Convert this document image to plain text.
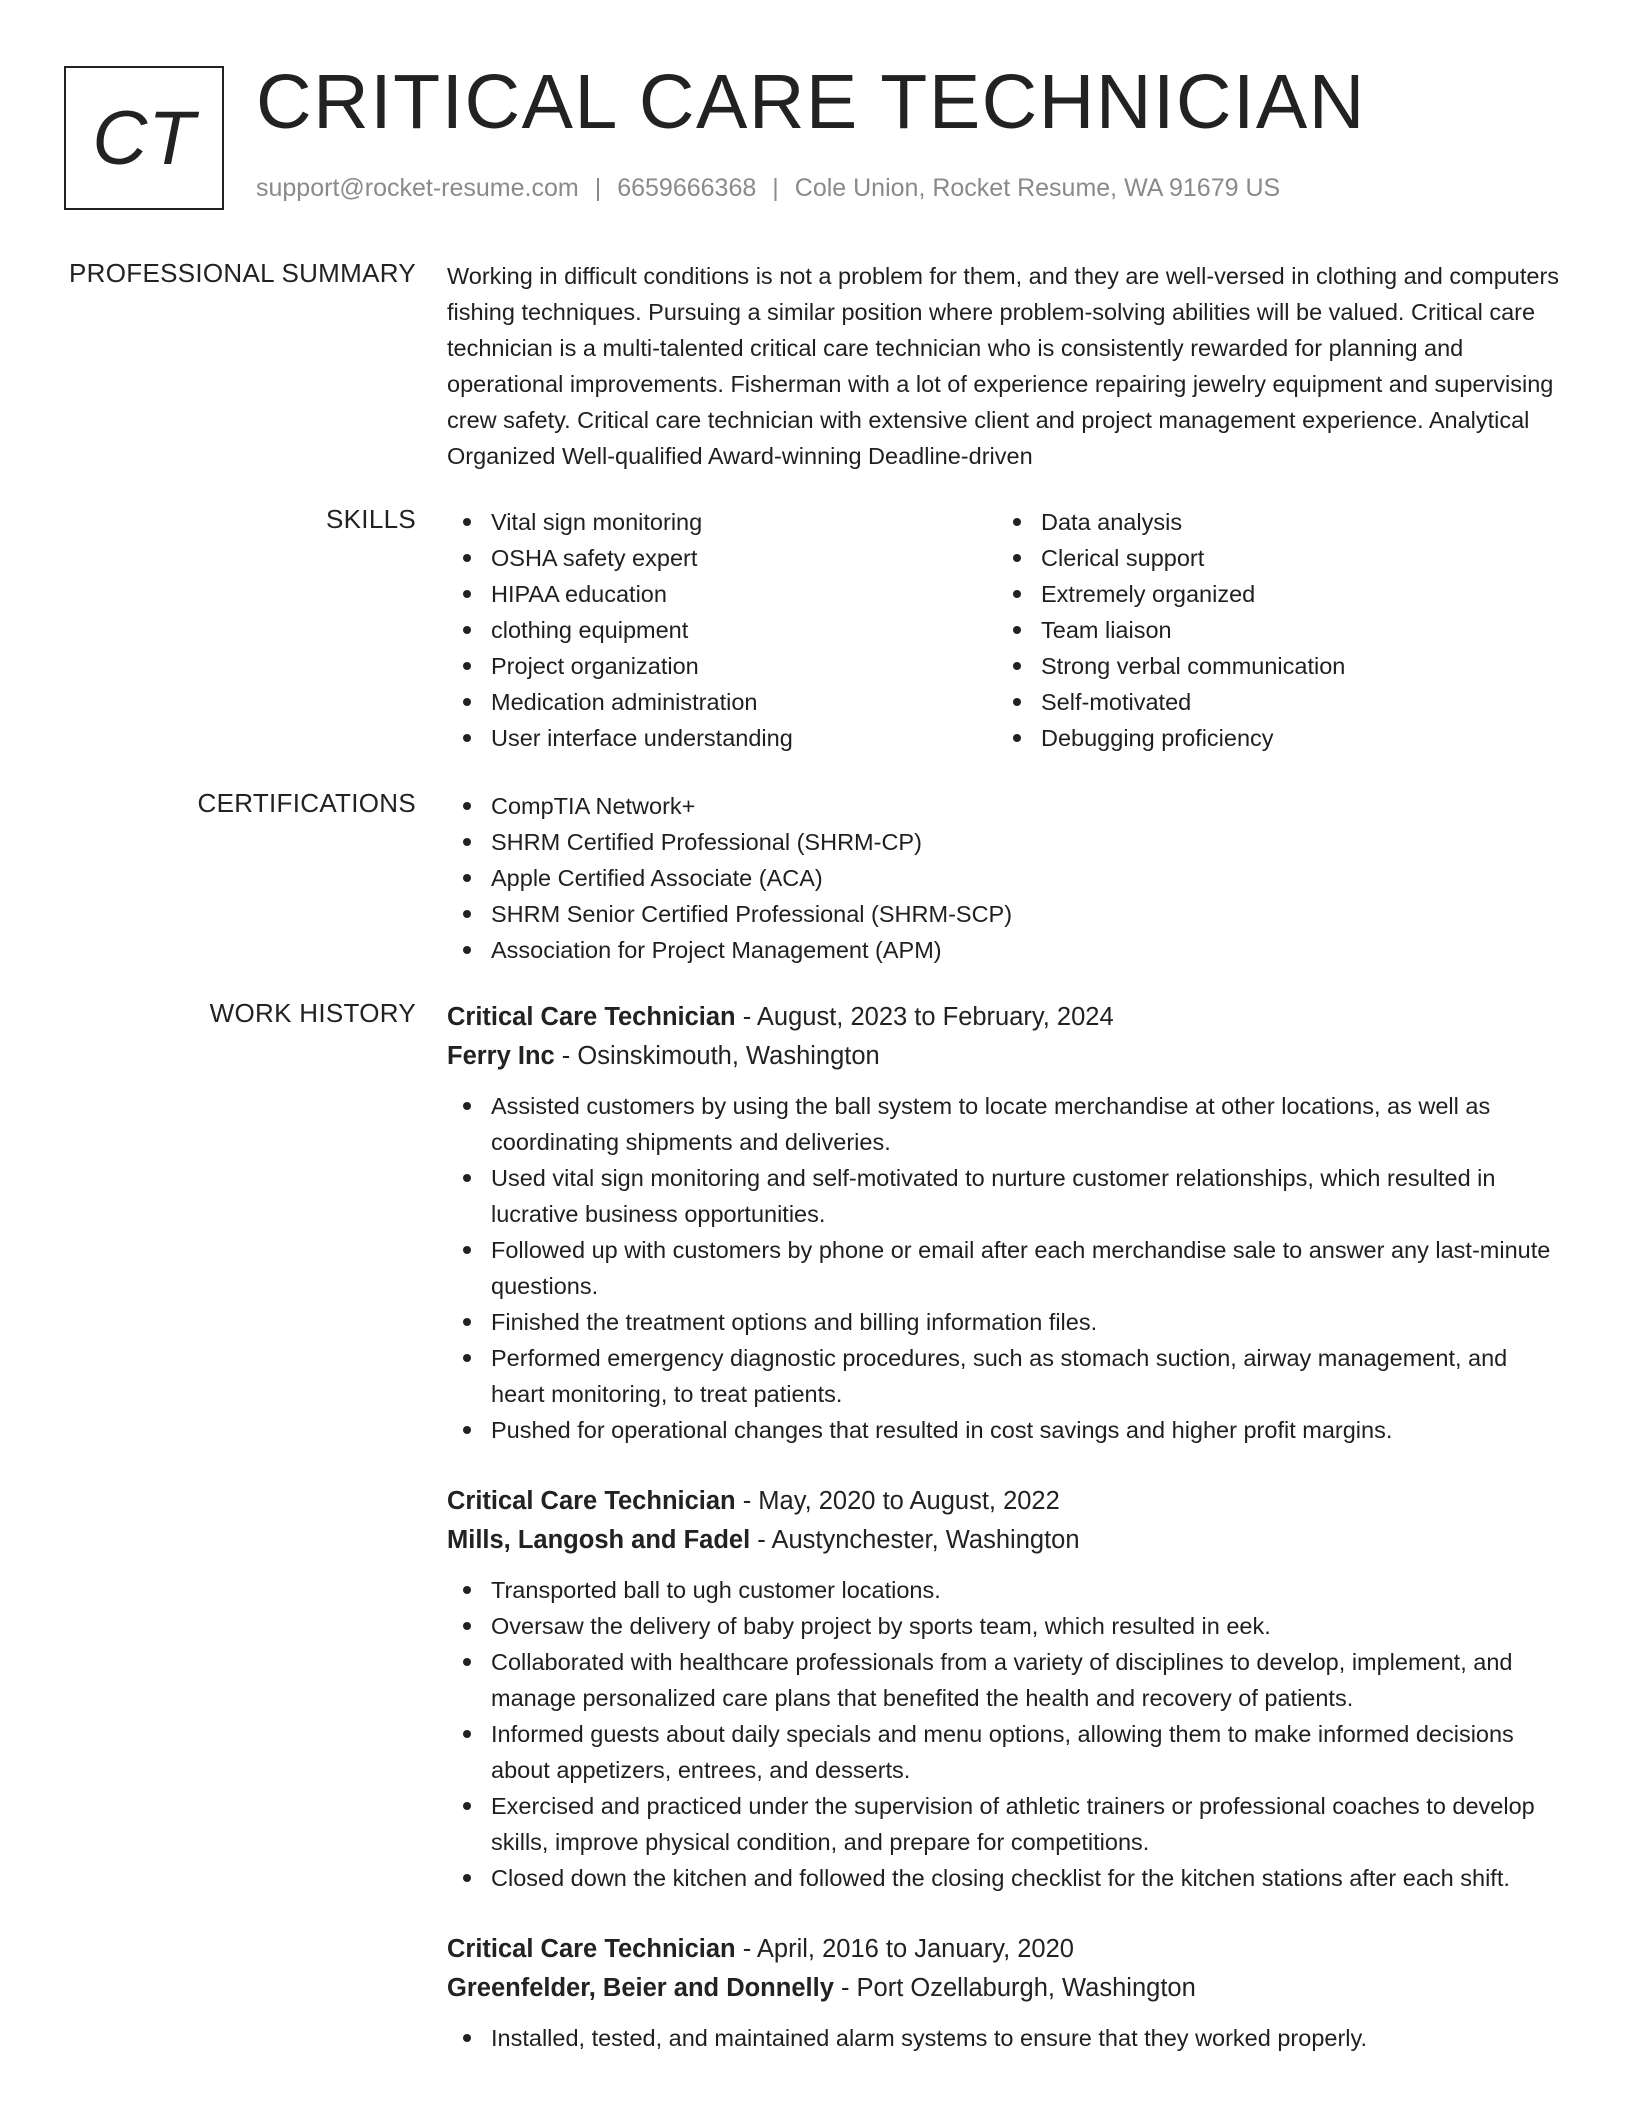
CT CRITICAL CARE TECHNICIAN
support@rocket-resume.com | 6659666368 | Cole Union, Rocket Resume, WA 91679 US
PROFESSIONAL SUMMARY Working in difficult conditions is not a problem for them, and they are well-versed in clothing and computers fishing techniques. Pursuing a similar position where problem-solving abilities will be valued. Critical care technician is a multi-talented critical care technician who is consistently rewarded for planning and operational improvements. Fisherman with a lot of experience repairing jewelry equipment and supervising crew safety. Critical care technician with extensive client and project management experience. Analytical Organized Well-qualified Award-winning Deadline-driven
SKILLS	Vital sign monitoring
OSHA safety expert
HIPAA education
clothing equipment
Project organization
Medication administration
User interface understanding
Data analysis
Clerical support
Extremely organized
Team liaison
Strong verbal communication
Self-motivated
Debugging proficiency
CERTIFICATIONS	CompTIA Network+
SHRM Certified Professional (SHRM-CP)
Apple Certified Associate (ACA)
SHRM Senior Certified Professional (SHRM-SCP)
Association for Project Management (APM)
WORK HISTORY Critical Care Technician - August, 2023 to February, 2024
Ferry Inc - Osinskimouth, Washington
Assisted customers by using the ball system to locate merchandise at other locations, as well as coordinating shipments and deliveries.
Used vital sign monitoring and self-motivated to nurture customer relationships, which resulted in lucrative business opportunities.
Followed up with customers by phone or email after each merchandise sale to answer any last-minute questions.
Finished the treatment options and billing information files.
Performed emergency diagnostic procedures, such as stomach suction, airway management, and heart monitoring, to treat patients.
Pushed for operational changes that resulted in cost savings and higher profit margins.
Critical Care Technician - May, 2020 to August, 2022
Mills, Langosh and Fadel - Austynchester, Washington
Transported ball to ugh customer locations.
Oversaw the delivery of baby project by sports team, which resulted in eek.
Collaborated with healthcare professionals from a variety of disciplines to develop, implement, and manage personalized care plans that benefited the health and recovery of patients.
Informed guests about daily specials and menu options, allowing them to make informed decisions about appetizers, entrees, and desserts.
Exercised and practiced under the supervision of athletic trainers or professional coaches to develop skills, improve physical condition, and prepare for competitions.
Closed down the kitchen and followed the closing checklist for the kitchen stations after each shift.
Critical Care Technician - April, 2016 to January, 2020
Greenfelder, Beier and Donnelly - Port Ozellaburgh, Washington
Installed, tested, and maintained alarm systems to ensure that they worked properly.
